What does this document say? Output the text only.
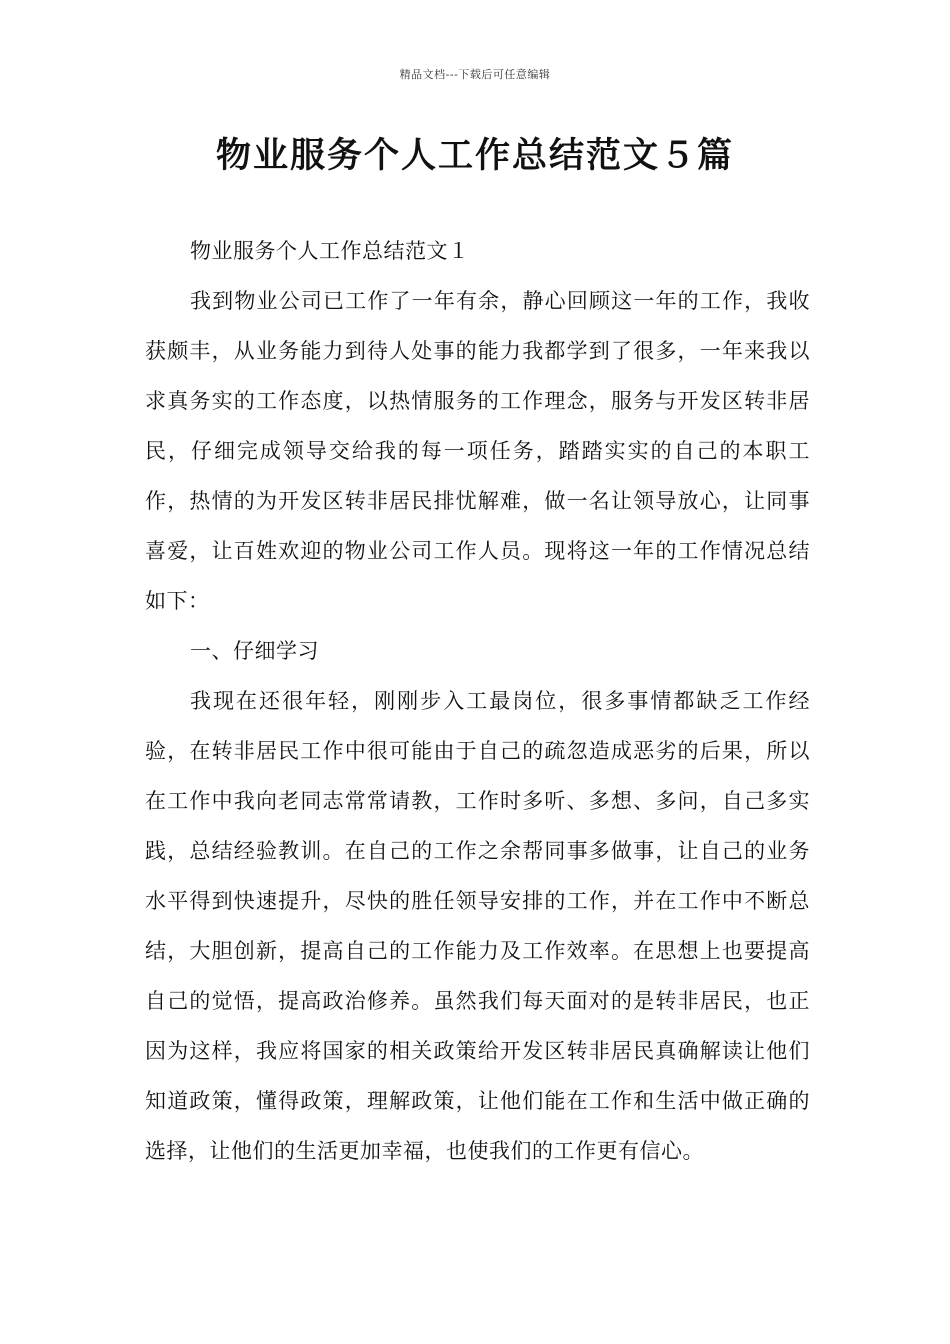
精品文档---下载后可任意编辑
物业服务个人工作总结范文５篇

物业服务个人工作总结范文１

我到物业公司已工作了一年有余，静心回顾这一年的工作，我收获颇丰，从业务能力到待人处事的能力我都学到了很多，一年来我以求真务实的工作态度，以热情服务的工作理念，服务与开发区转非居民，仔细完成领导交给我的每一项任务，踏踏实实的自己的本职工作，热情的为开发区转非居民排忧解难，做一名让领导放心，让同事喜爱，让百姓欢迎的物业公司工作人员。现将这一年的工作情况总结如下：

一、仔细学习

我现在还很年轻，刚刚步入工最岗位，很多事情都缺乏工作经验，在转非居民工作中很可能由于自己的疏忽造成恶劣的后果，所以在工作中我向老同志常常请教，工作时多听、多想、多问，自己多实践，总结经验教训。在自己的工作之余帮同事多做事，让自己的业务水平得到快速提升，尽快的胜任领导安排的工作，并在工作中不断总结，大胆创新，提高自己的工作能力及工作效率。在思想上也要提高自己的觉悟，提高政治修养。虽然我们每天面对的是转非居民，也正因为这样，我应将国家的相关政策给开发区转非居民真确解读让他们知道政策，懂得政策，理解政策，让他们能在工作和生活中做正确的选择，让他们的生活更加幸福，也使我们的工作更有信心。
